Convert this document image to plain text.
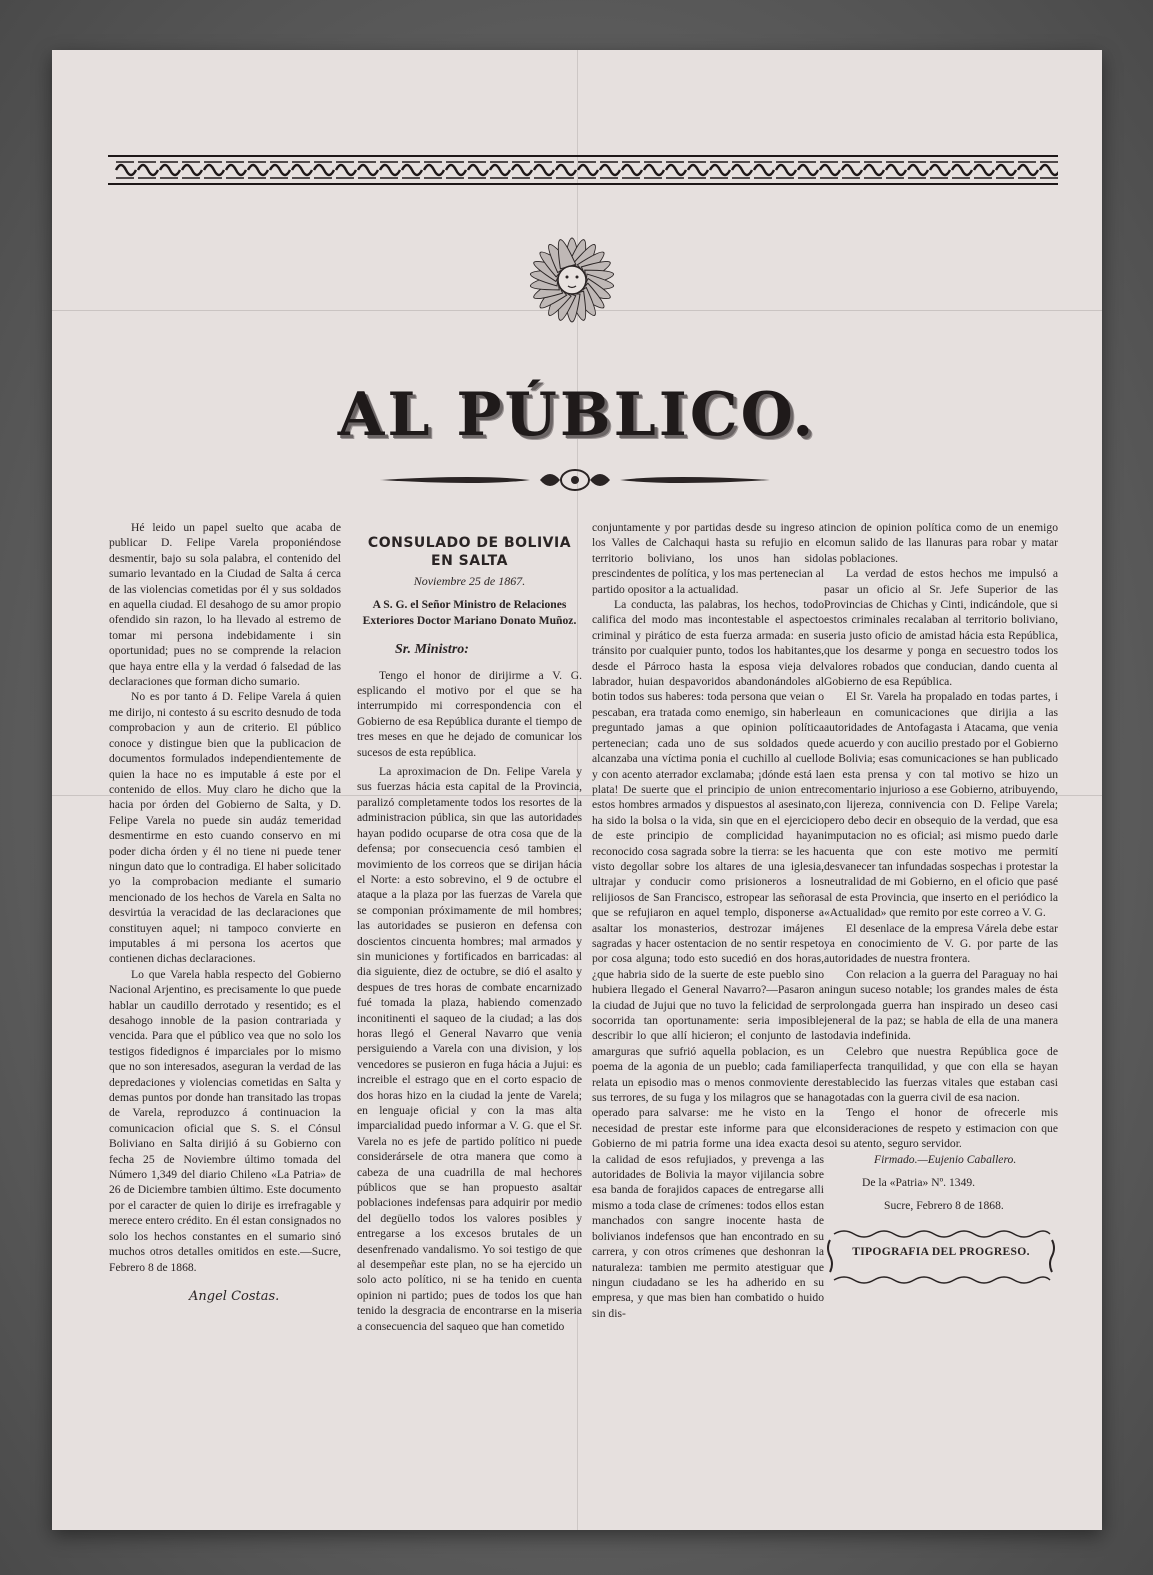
AL PÚBLICO.

Hé leido un papel suelto que acaba de publicar D. Felipe Varela proponiéndose desmentir, bajo su sola palabra, el contenido del sumario levantado en la Ciudad de Salta á cerca de las violencias cometidas por él y sus soldados en aquella ciudad. El desahogo de su amor propio ofendido sin razon, lo ha llevado al estremo de tomar mi persona indebidamente i sin oportunidad; pues no se comprende la relacion que haya entre ella y la verdad ó falsedad de las declaraciones que forman dicho sumario.

No es por tanto á D. Felipe Varela á quien me dirijo, ni contesto á su escrito desnudo de toda comprobacion y aun de criterio. El público conoce y distingue bien que la publicacion de documentos formulados independientemente de quien la hace no es imputable á este por el contenido de ellos. Muy claro he dicho que la hacia por órden del Gobierno de Salta, y D. Felipe Varela no puede sin audáz temeridad desmentirme en esto cuando conservo en mi poder dicha órden y él no tiene ni puede tener ningun dato que lo contradiga. El haber solicitado yo la comprobacion mediante el sumario mencionado de los hechos de Varela en Salta no desvirtúa la veracidad de las declaraciones que constituyen aquel; ni tampoco convierte en imputables á mi persona los acertos que contienen dichas declaraciones.

Lo que Varela habla respecto del Gobierno Nacional Arjentino, es precisamente lo que puede hablar un caudillo derrotado y resentido; es el desahogo innoble de la pasion contrariada y vencida. Para que el público vea que no solo los testigos fidedignos é imparciales por lo mismo que no son interesados, aseguran la verdad de las depredaciones y violencias cometidas en Salta y demas puntos por donde han transitado las tropas de Varela, reproduzco á continuacion la comunicacion oficial que S. S. el Cónsul Boliviano en Salta dirijió á su Gobierno con fecha 25 de Noviembre último tomada del Número 1,349 del diario Chileno «La Patria» de 26 de Diciembre tambien último. Este documento por el caracter de quien lo dirije es irrefragable y merece entero crédito. En él estan consignados no solo los hechos constantes en el sumario sinó muchos otros detalles omitidos en este.—Sucre, Febrero 8 de 1868.

Angel Costas.
CONSULADO DE BOLIVIA
EN SALTA
Noviembre 25 de 1867.
A S. G. el Señor Ministro de Relaciones Exteriores Doctor Mariano Donato Muñoz.
Sr. Ministro:

Tengo el honor de dirijirme a V. G. esplicando el motivo por el que se ha interrumpido mi correspondencia con el Gobierno de esa República durante el tiempo de tres meses en que he dejado de comunicar los sucesos de esta república.

La aproximacion de Dn. Felipe Varela y sus fuerzas hácia esta capital de la Provincia, paralizó completamente todos los resortes de la administracion pública, sin que las autoridades hayan podido ocuparse de otra cosa que de la defensa; por consecuencia cesó tambien el movimiento de los correos que se dirijan hácia el Norte: a esto sobrevino, el 9 de octubre el ataque a la plaza por las fuerzas de Varela que se componian próximamente de mil hombres; las autoridades se pusieron en defensa con doscientos cincuenta hombres; mal armados y sin municiones y fortificados en barricadas: al dia siguiente, diez de octubre, se dió el asalto y despues de tres horas de combate encarnizado fué tomada la plaza, habiendo comenzado inconitinenti el saqueo de la ciudad; a las dos horas llegó el General Navarro que venia persiguiendo a Varela con una division, y los vencedores se pusieron en fuga hácia a Jujui: es increible el estrago que en el corto espacio de dos horas hizo en la ciudad la jente de Varela; en lenguaje oficial y con la mas alta imparcialidad puedo informar a V. G. que el Sr. Varela no es jefe de partido político ni puede considerársele de otra manera que como a cabeza de una cuadrilla de mal hechores públicos que se han propuesto asaltar poblaciones indefensas para adquirir por medio del degüello todos los valores posibles y entregarse a los excesos brutales de un desenfrenado vandalismo. Yo soi testigo de que al desempeñar este plan, no se ha ejercido un solo acto político, ni se ha tenido en cuenta opinion ni partido; pues de todos los que han tenido la desgracia de encontrarse en la miseria a consecuencia del saqueo que han cometido

conjuntamente y por partidas desde su ingreso a los Valles de Calchaqui hasta su refujio en el territorio boliviano, los unos han sido prescindentes de política, y los mas pertenecian al partido opositor a la actualidad.

La conducta, las palabras, los hechos, todo califica del modo mas incontestable el aspecto criminal y pirático de esta fuerza armada: en su tránsito por cualquier punto, todos los habitantes, desde el Párroco hasta la esposa vieja del labrador, huian despavoridos abandonándoles al botin todos sus haberes: toda persona que veian o pescaban, era tratada como enemigo, sin haberle preguntado jamas a que opinion política pertenecian; cada uno de sus soldados que alcanzaba una víctima ponia el cuchillo al cuello y con acento aterrador exclamaba; ¡dónde está la plata! De suerte que el principio de union entre estos hombres armados y dispuestos al asesinato, ha sido la bolsa o la vida, sin que en el ejercicio de este principio de complicidad hayan reconocido cosa sagrada sobre la tierra: se les ha visto degollar sobre los altares de una iglesia, ultrajar y conducir como prisioneros a los relijiosos de San Francisco, estropear las señoras que se refujiaron en aquel templo, disponerse a asaltar los monasterios, destrozar imájenes sagradas y hacer ostentacion de no sentir respeto por cosa alguna; todo esto sucedió en dos horas, ¿que habria sido de la suerte de este pueblo sino hubiera llegado el General Navarro?—Pasaron a la ciudad de Jujui que no tuvo la felicidad de ser socorrida tan oportunamente: seria imposible describir lo que allí hicieron; el conjunto de las amarguras que sufrió aquella poblacion, es un poema de la agonia de un pueblo; cada familia relata un episodio mas o menos conmoviente de sus terrores, de su fuga y los milagros que se han operado para salvarse: me he visto en la necesidad de prestar este informe para que el Gobierno de mi patria forme una idea exacta de la calidad de esos refujiados, y prevenga a las autoridades de Bolivia la mayor vijilancia sobre esa banda de forajidos capaces de entregarse alli mismo a toda clase de crímenes: todos ellos estan manchados con sangre inocente hasta de bolivianos indefensos que han encontrado en su carrera, y con otros crímenes que deshonran la naturaleza: tambien me permito atestiguar que ningun ciudadano se les ha adherido en su empresa, y que mas bien han combatido o huido sin dis-

tincion de opinion política como de un enemigo comun salido de las llanuras para robar y matar las poblaciones.

La verdad de estos hechos me impulsó a pasar un oficio al Sr. Jefe Superior de las Provincias de Chichas y Cinti, indicándole, que si estos criminales recalaban al territorio boliviano, seria justo oficio de amistad hácia esta República, que los desarme y ponga en secuestro todos los valores robados que conducian, dando cuenta al Gobierno de esa República.

El Sr. Varela ha propalado en todas partes, i aun en comunicaciones que dirijia a las autoridades de Antofagasta i Atacama, que venia de acuerdo y con aucilio prestado por el Gobierno de Bolivia; esas comunicaciones se han publicado en esta prensa y con tal motivo se hizo un comentario injurioso a ese Gobierno, atribuyendo, con lijereza, connivencia con D. Felipe Varela; pero debo decir en obsequio de la verdad, que esa imputacion no es oficial; asi mismo puedo darle cuenta que con este motivo me permití desvanecer tan infundadas sospechas i protestar la neutralidad de mi Gobierno, en el oficio que pasé al de esta Provincia, que inserto en el periódico la «Actualidad» que remito por este correo a V. G.

El desenlace de la empresa Várela debe estar ya en conocimiento de V. G. por parte de las autoridades de nuestra frontera.

Con relacion a la guerra del Paraguay no hai ningun suceso notable; los grandes males de ésta prolongada guerra han inspirado un deseo casi jeneral de la paz; se habla de ella de una manera todavia indefinida.

Celebro que nuestra República goce de perfecta tranquilidad, y que con ella se hayan restablecido las fuerzas vitales que estaban casi agotadas con la guerra civil de esa nacion.

Tengo el honor de ofrecerle mis consideraciones de respeto y estimacion con que soi su atento, seguro servidor.

Firmado.—Eujenio Caballero.

De la «Patria» Nº. 1349.

Sucre, Febrero 8 de 1868.

TIPOGRAFIA DEL PROGRESO.
